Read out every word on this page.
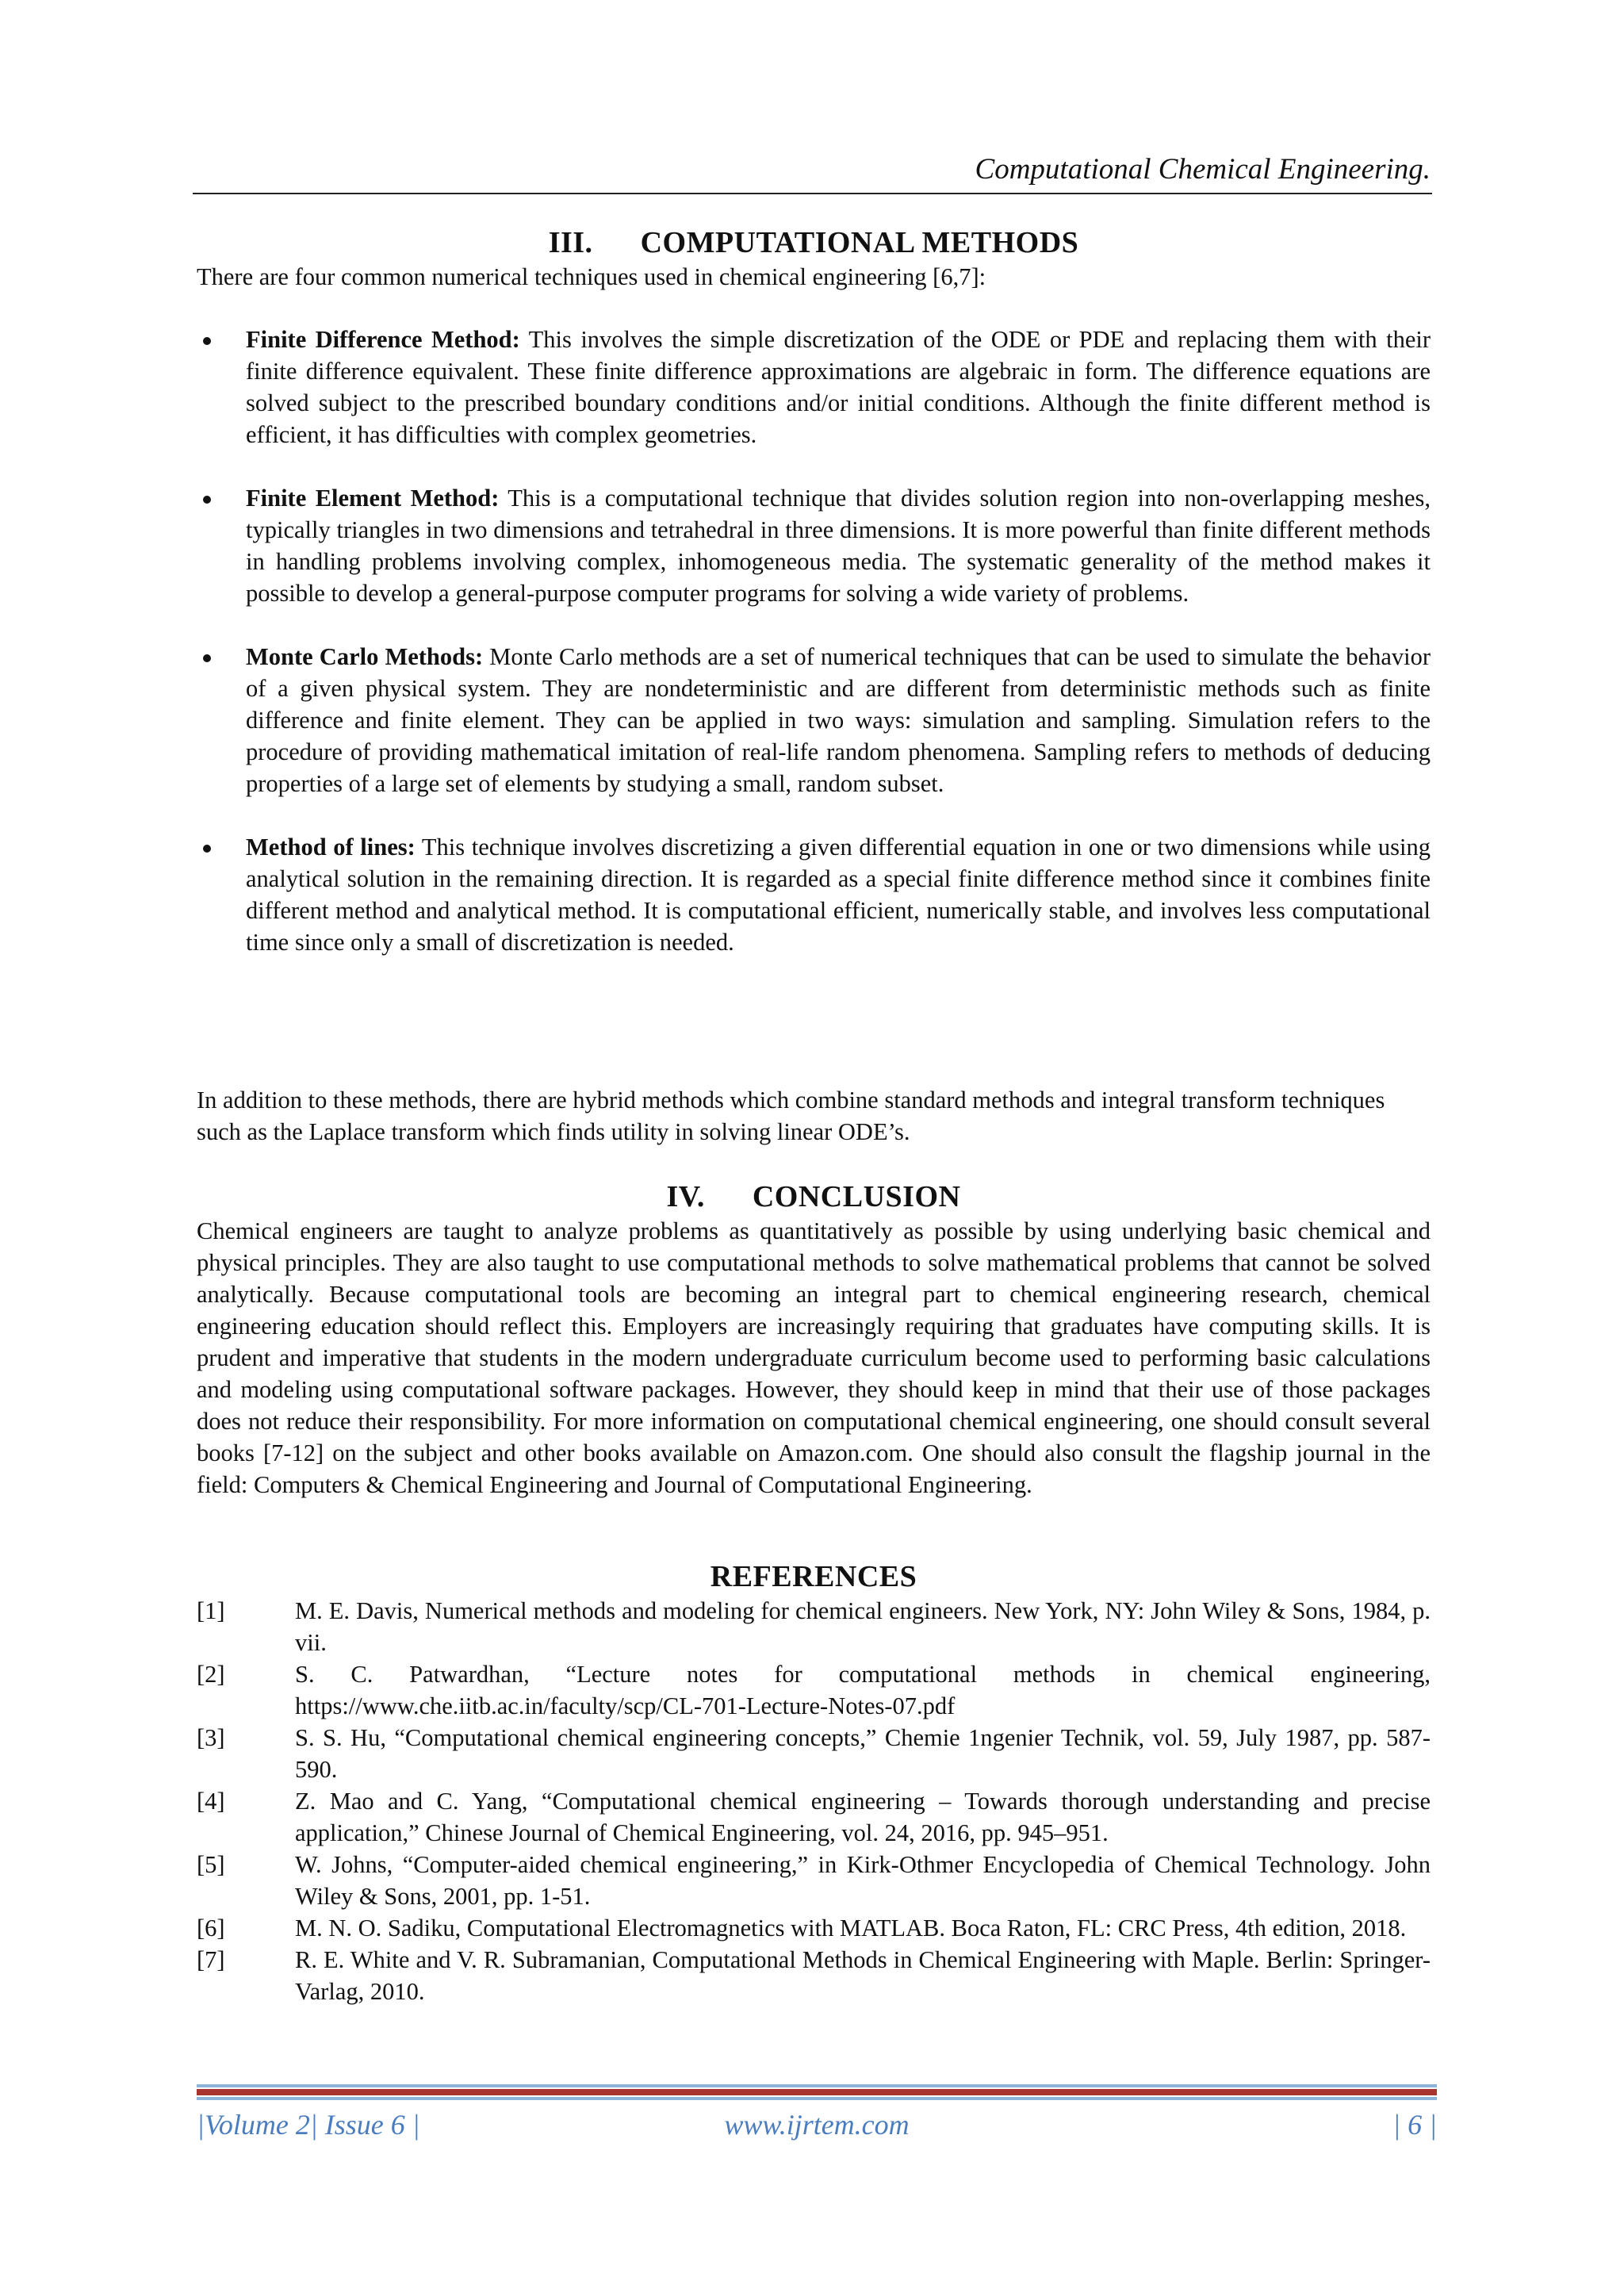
Computational Chemical Engineering.
III. COMPUTATIONAL METHODS

There are four common numerical techniques used in chemical engineering [6,7]:

Finite Difference Method: This involves the simple discretization of the ODE or PDE and replacing them with their finite difference equivalent. These finite difference approximations are algebraic in form. The difference equations are solved subject to the prescribed boundary conditions and/or initial conditions. Although the finite different method is efficient, it has difficulties with complex geometries.
Finite Element Method: This is a computational technique that divides solution region into non-overlapping meshes, typically triangles in two dimensions and tetrahedral in three dimensions. It is more powerful than finite different methods in handling problems involving complex, inhomogeneous media. The systematic generality of the method makes it possible to develop a general-purpose computer programs for solving a wide variety of problems.
Monte Carlo Methods: Monte Carlo methods are a set of numerical techniques that can be used to simulate the behavior of a given physical system. They are nondeterministic and are different from deterministic methods such as finite difference and finite element. They can be applied in two ways: simulation and sampling. Simulation refers to the procedure of providing mathematical imitation of real-life random phenomena. Sampling refers to methods of deducing properties of a large set of elements by studying a small, random subset.
Method of lines: This technique involves discretizing a given differential equation in one or two dimensions while using analytical solution in the remaining direction. It is regarded as a special finite difference method since it combines finite different method and analytical method. It is computational efficient, numerically stable, and involves less computational time since only a small of discretization is needed.

In addition to these methods, there are hybrid methods which combine standard methods and integral transform techniques such as the Laplace transform which finds utility in solving linear ODE’s.

IV. CONCLUSION

Chemical engineers are taught to analyze problems as quantitatively as possible by using underlying basic chemical and physical principles. They are also taught to use computational methods to solve mathematical problems that cannot be solved analytically. Because computational tools are becoming an integral part to chemical engineering research, chemical engineering education should reflect this. Employers are increasingly requiring that graduates have computing skills. It is prudent and imperative that students in the modern undergraduate curriculum become used to performing basic calculations and modeling using computational software packages. However, they should keep in mind that their use of those packages does not reduce their responsibility. For more information on computational chemical engineering, one should consult several books [7-12] on the subject and other books available on Amazon.com. One should also consult the flagship journal in the field: Computers & Chemical Engineering and Journal of Computational Engineering.

REFERENCES
[1]	M. E. Davis, Numerical methods and modeling for chemical engineers. New York, NY: John Wiley & Sons, 1984, p. vii.
[2]	S. C. Patwardhan, “Lecture notes for computational methods in chemical engineering, https://www.che.iitb.ac.in/faculty/scp/CL-701-Lecture-Notes-07.pdf
[3]	S. S. Hu, “Computational chemical engineering concepts,” Chemie 1ngenier Technik, vol. 59, July 1987, pp. 587-590.
[4]	Z. Mao and C. Yang, “Computational chemical engineering – Towards thorough understanding and precise application,” Chinese Journal of Chemical Engineering, vol. 24, 2016, pp. 945–951.
[5]	W. Johns, “Computer-aided chemical engineering,” in Kirk-Othmer Encyclopedia of Chemical Technology. John Wiley & Sons, 2001, pp. 1-51.
[6]	M. N. O. Sadiku, Computational Electromagnetics with MATLAB. Boca Raton, FL: CRC Press, 4th edition, 2018.
[7]	R. E. White and V. R. Subramanian, Computational Methods in Chemical Engineering with Maple. Berlin: Springer-Varlag, 2010.
|Volume 2| Issue 6 |	www.ijrtem.com	| 6 |
